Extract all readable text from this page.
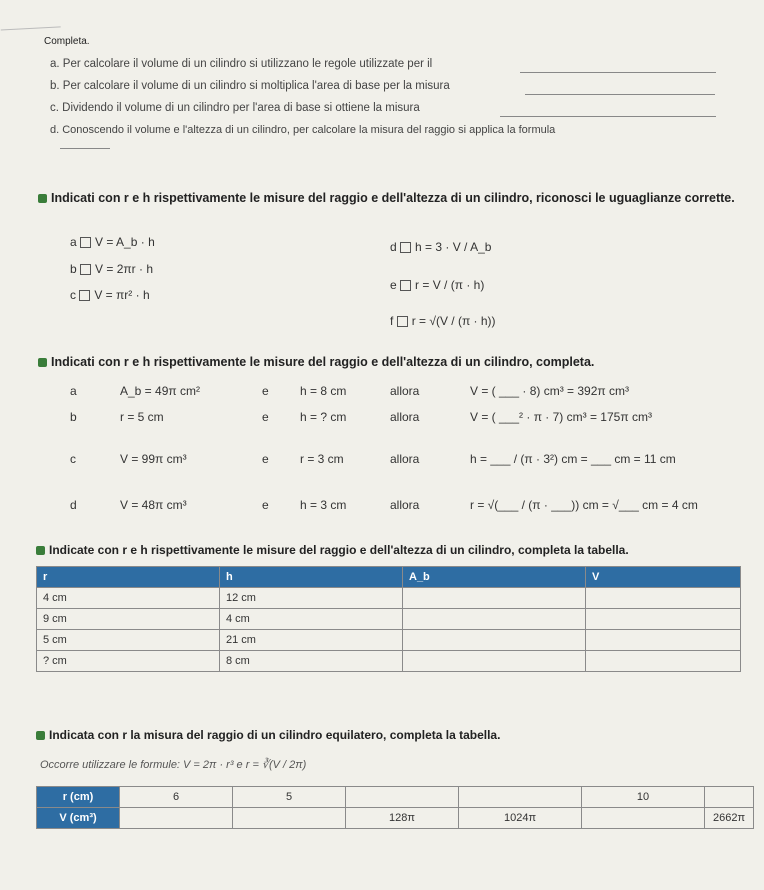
Completa.
a. Per calcolare il volume di un cilindro si utilizzano le regole utilizzate per il
b. Per calcolare il volume di un cilindro si moltiplica l'area di base per la misura
c. Dividendo il volume di un cilindro per l'area di base si ottiene la misura
d. Conoscendo il volume e l'altezza di un cilindro, per calcolare la misura del raggio si applica la formula
Indicati con r e h rispettivamente le misure del raggio e dell'altezza di un cilindro, riconosci le uguaglianze corrette.
a V = A_b · h
b V = 2πr · h
c V = πr² · h
d h = 3 · V / A_b
e r = V / (π · h)
f r = √(V / (π · h))
Indicati con r e h rispettivamente le misure del raggio e dell'altezza di un cilindro, completa.
a	A_b = 49π cm²	e	h = 8 cm	allora	V = ( ___ · 8) cm³ = 392π cm³
b	r = 5 cm	e	h = ? cm	allora	V = ( ___² · π · 7) cm³ = 175π cm³
c	V = 99π cm³	e	r = 3 cm	allora	h = ___ / (π · 3²) cm = ___ cm = 11 cm
d	V = 48π cm³	e	h = 3 cm	allora	r = √(___ / (π · ___)) cm = √___ cm = 4 cm
Indicate con r e h rispettivamente le misure del raggio e dell'altezza di un cilindro, completa la tabella.
r	h	A_b	V
4 cm	12 cm		
9 cm	4 cm		
5 cm	21 cm		
? cm	8 cm		
Indicata con r la misura del raggio di un cilindro equilatero, completa la tabella.
Occorre utilizzare le formule: V = 2π · r³ e r = ∛(V / 2π)
r (cm)	6	5			10	
V (cm³)			128π	1024π		2662π
